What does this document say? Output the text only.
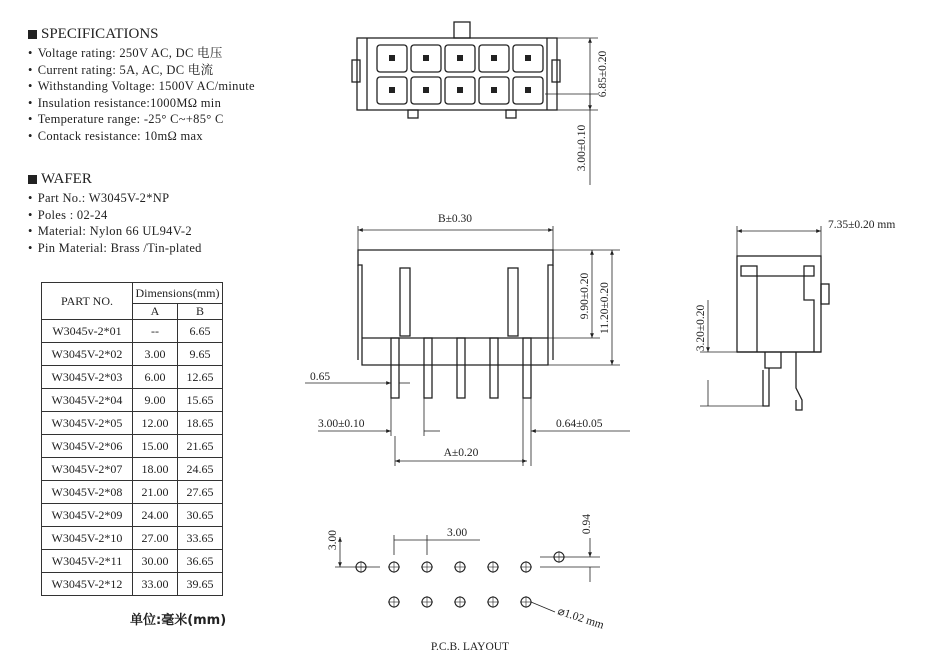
SPECIFICATIONS
• Voltage rating: 250V AC, DC 电压
• Current rating: 5A, AC, DC 电流
• Withstanding Voltage: 1500V AC/minute
• Insulation resistance:1000MΩ min
• Temperature range: -25° C~+85° C
• Contack resistance: 10mΩ max
WAFER
• Part No.: W3045V-2*NP
• Poles : 02-24
• Material: Nylon 66 UL94V-2
• Pin Material: Brass /Tin-plated
PART NO.	Dimensions(mm)	
	A	B
W3045v-2*01	--	6.65
W3045V-2*02	3.00	9.65
W3045V-2*03	6.00	12.65
W3045V-2*04	9.00	15.65
W3045V-2*05	12.00	18.65
W3045V-2*06	15.00	21.65
W3045V-2*07	18.00	24.65
W3045V-2*08	21.00	27.65
W3045V-2*09	24.00	30.65
W3045V-2*10	27.00	33.65
W3045V-2*11	30.00	36.65
W3045V-2*12	33.00	39.65
单位:毫米(mm)
6.85±0.20
3.00±0.10
B±0.30
9.90±0.20 11.20±0.20
0.65
3.00±0.10	0.64±0.05
A±0.20
7.35±0.20 mm
3.20±0.20
3.00	3.00	0.94
⌀1.02 mm
P.C.B. LAYOUT
